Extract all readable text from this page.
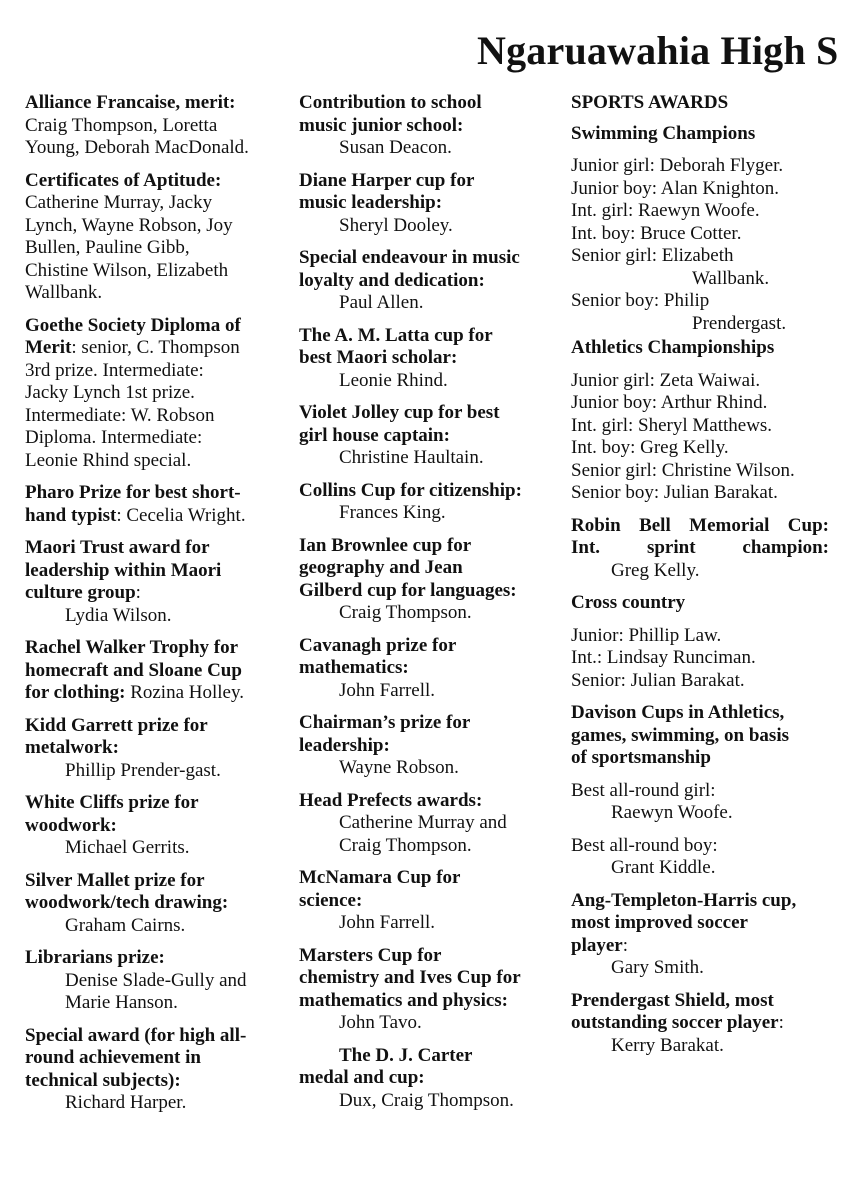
Ngaruawahia High S
Alliance Francaise, merit:
Craig Thompson, Loretta
Young, Deborah MacDonald.
Certificates of Aptitude:
Catherine Murray, Jacky
Lynch, Wayne Robson, Joy
Bullen, Pauline Gibb,
Chistine Wilson, Elizabeth
Wallbank.
Goethe Society Diploma of
Merit: senior, C. Thompson
3rd prize. Intermediate:
Jacky Lynch 1st prize.
Intermediate: W. Robson
Diploma. Intermediate:
Leonie Rhind special.
Pharo Prize for best short-
hand typist: Cecelia Wright.
Maori Trust award for
leadership within Maori
culture group:
Lydia Wilson.
Rachel Walker Trophy for
homecraft and Sloane Cup
for clothing: Rozina Holley.
Kidd Garrett prize for
metalwork:
Phillip Prender-gast.
White Cliffs prize for
woodwork:
Michael Gerrits.
Silver Mallet prize for
woodwork/tech drawing:
Graham Cairns.
Librarians prize:
Denise Slade-Gully and
Marie Hanson.
Special award (for high all-
round achievement in
technical subjects):
Richard Harper.
Contribution to school
music junior school:
Susan Deacon.
Diane Harper cup for
music leadership:
Sheryl Dooley.
Special endeavour in music
loyalty and dedication:
Paul Allen.
The A. M. Latta cup for
best Maori scholar:
Leonie Rhind.
Violet Jolley cup for best
girl house captain:
Christine Haultain.
Collins Cup for citizenship:
Frances King.
Ian Brownlee cup for
geography and Jean
Gilberd cup for languages:
Craig Thompson.
Cavanagh prize for
mathematics:
John Farrell.
Chairman’s prize for
leadership:
Wayne Robson.
Head Prefects awards:
Catherine Murray and
Craig Thompson.
McNamara Cup for
science:
John Farrell.
Marsters Cup for
chemistry and Ives Cup for
mathematics and physics:
John Tavo.
The D. J. Carter
medal and cup:
Dux, Craig Thompson.
SPORTS AWARDS
Swimming Champions
Junior girl: Deborah Flyger.
Junior boy: Alan Knighton.
Int. girl: Raewyn Woofe.
Int. boy: Bruce Cotter.
Senior girl: Elizabeth
Wallbank.
Senior boy: Philip
Prendergast.
Athletics Championships
Junior girl: Zeta Waiwai.
Junior boy: Arthur Rhind.
Int. girl: Sheryl Matthews.
Int. boy: Greg Kelly.
Senior girl: Christine Wilson.
Senior boy: Julian Barakat.
Robin Bell Memorial Cup:
Int. sprint champion:
Greg Kelly.
Cross country
Junior: Phillip Law.
Int.: Lindsay Runciman.
Senior: Julian Barakat.
Davison Cups in Athletics,
games, swimming, on basis
of sportsmanship
Best all-round girl:
Raewyn Woofe.
Best all-round boy:
Grant Kiddle.
Ang-Templeton-Harris cup,
most improved soccer
player:
Gary Smith.
Prendergast Shield, most
outstanding soccer player:
Kerry Barakat.
